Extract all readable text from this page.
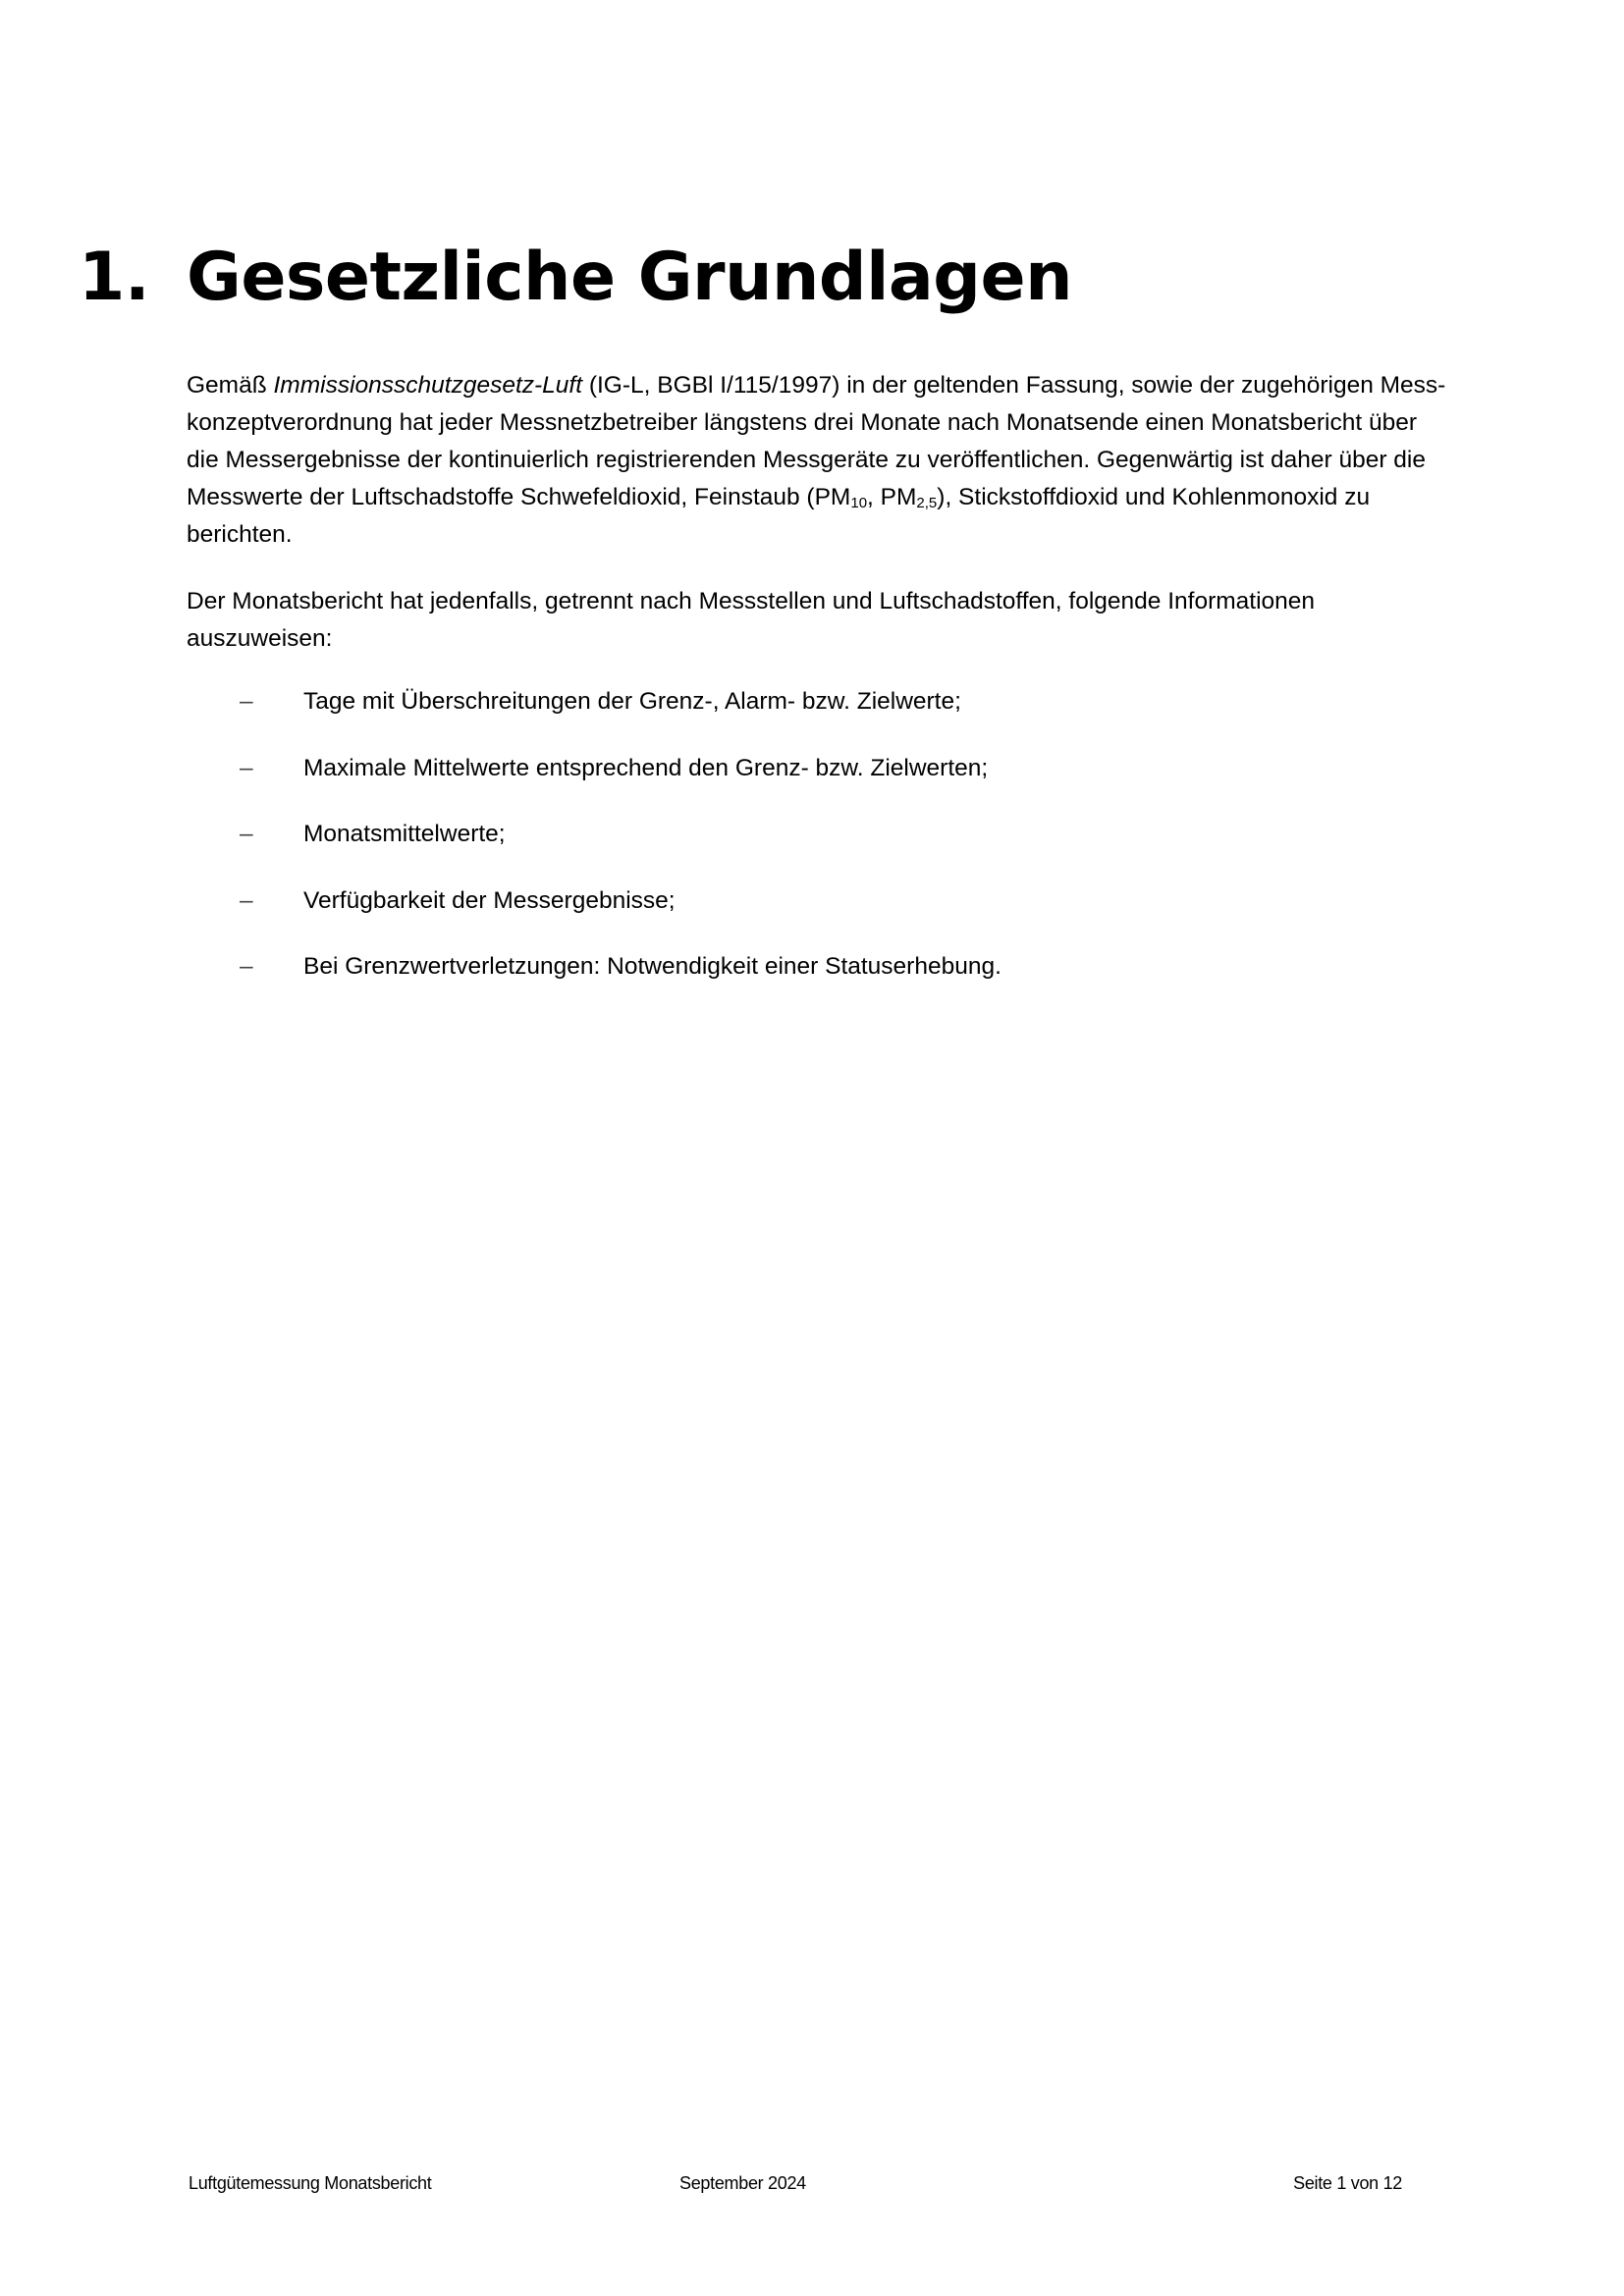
1. Gesetzliche Grundlagen

Gemäß Immissionsschutzgesetz-Luft (IG-L, BGBl I/115/1997) in der geltenden Fassung, sowie der zugehörigen Mess-
konzeptverordnung hat jeder Messnetzbetreiber längstens drei Monate nach Monatsende einen Monatsbericht über
die Messergebnisse der kontinuierlich registrierenden Messgeräte zu veröffentlichen. Gegenwärtig ist daher über die
Messwerte der Luftschadstoffe Schwefeldioxid, Feinstaub ($PM_{10}$, $PM_{2,5}$), Stickstoffdioxid und Kohlenmonoxid zu
berichten.

Der Monatsbericht hat jedenfalls, getrennt nach Messstellen und Luftschadstoffen, folgende Informationen
auszuweisen:

– Tage mit Überschreitungen der Grenz-, Alarm- bzw. Zielwerte;
– Maximale Mittelwerte entsprechend den Grenz- bzw. Zielwerten;
– Monatsmittelwerte;
– Verfügbarkeit der Messergebnisse;
– Bei Grenzwertverletzungen: Notwendigkeit einer Statuserhebung.
Luftgütemessung Monatsbericht	September 2024	Seite 1 von 12
